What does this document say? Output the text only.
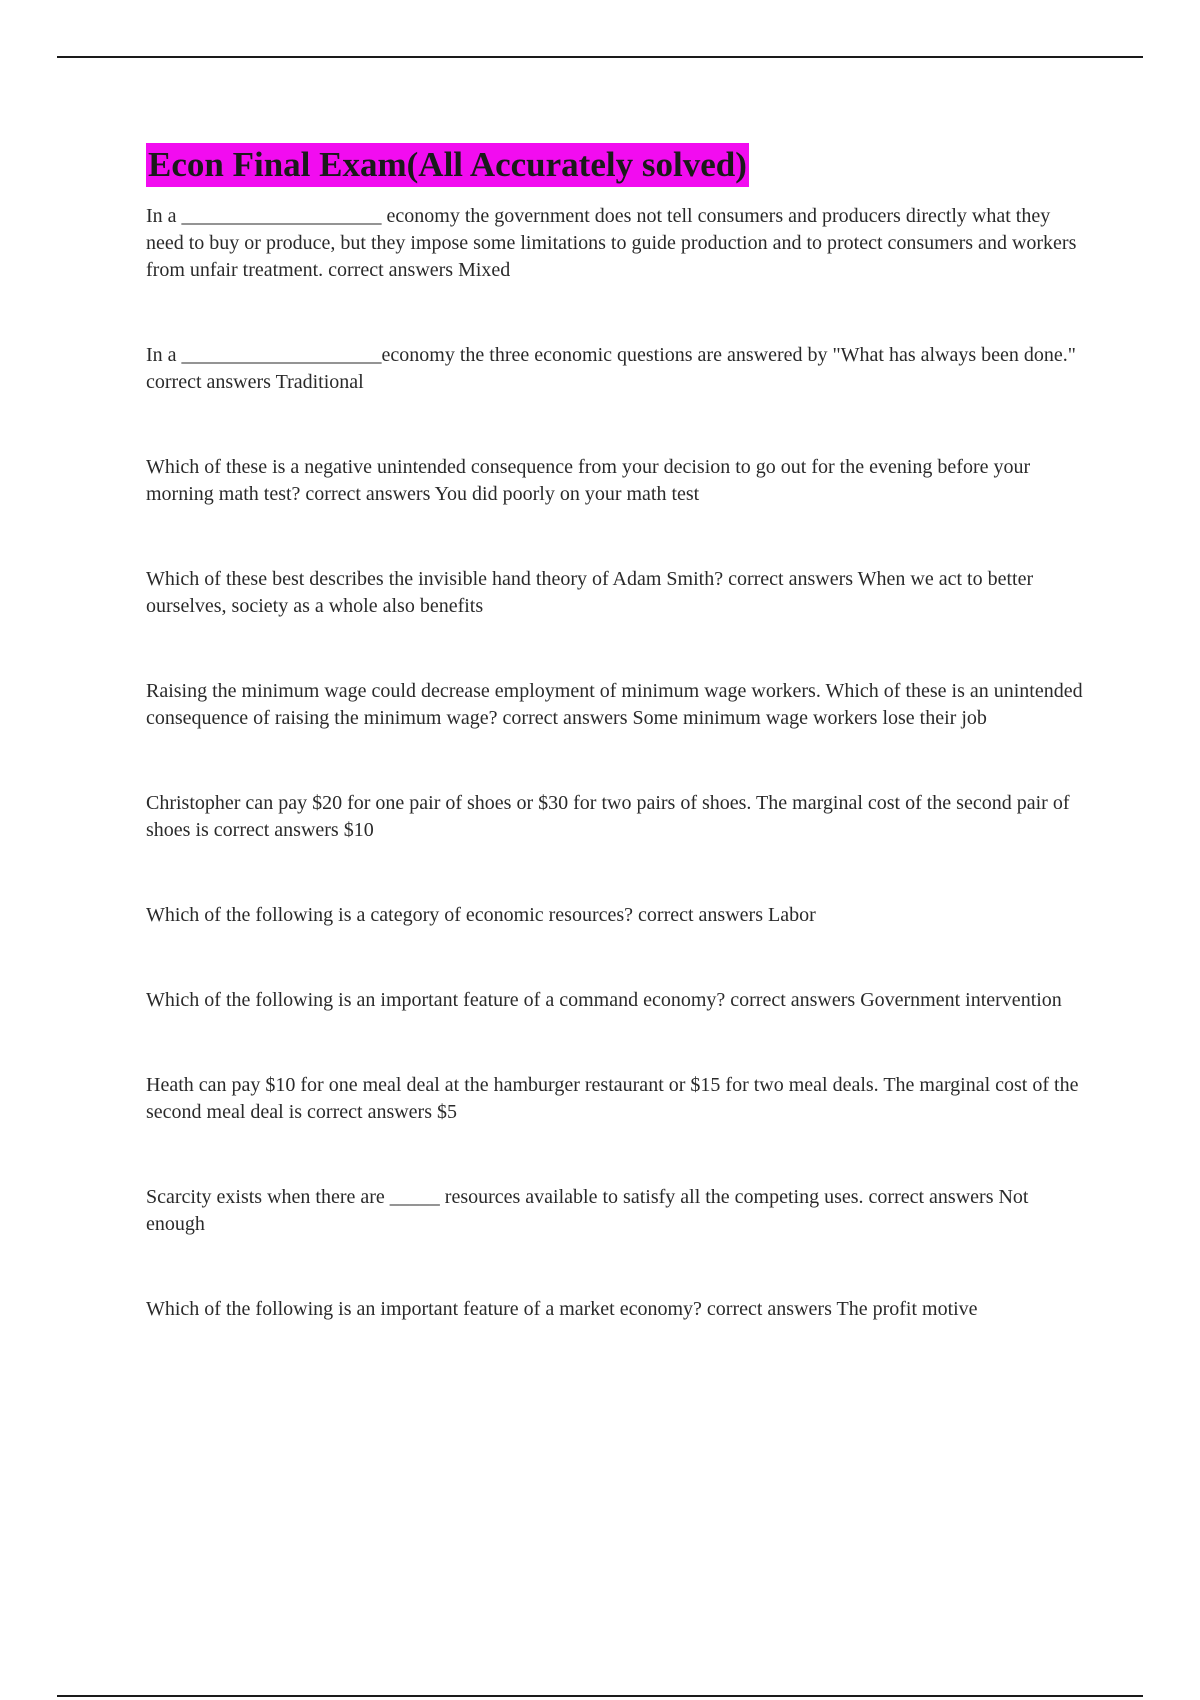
Econ Final Exam(All Accurately solved)

In a ____________________ economy the government does not tell consumers and producers directly what they need to buy or produce, but they impose some limitations to guide production and to protect consumers and workers from unfair treatment. correct answers Mixed

In a ____________________economy the three economic questions are answered by "What has always been done." correct answers Traditional

Which of these is a negative unintended consequence from your decision to go out for the evening before your morning math test? correct answers You did poorly on your math test

Which of these best describes the invisible hand theory of Adam Smith? correct answers When we act to better ourselves, society as a whole also benefits

Raising the minimum wage could decrease employment of minimum wage workers. Which of these is an unintended consequence of raising the minimum wage? correct answers Some minimum wage workers lose their job

Christopher can pay $20 for one pair of shoes or $30 for two pairs of shoes. The marginal cost of the second pair of shoes is correct answers $10

Which of the following is a category of economic resources? correct answers Labor

Which of the following is an important feature of a command economy? correct answers Government intervention

Heath can pay $10 for one meal deal at the hamburger restaurant or $15 for two meal deals. The marginal cost of the second meal deal is correct answers $5

Scarcity exists when there are _____ resources available to satisfy all the competing uses. correct answers Not enough

Which of the following is an important feature of a market economy? correct answers The profit motive
